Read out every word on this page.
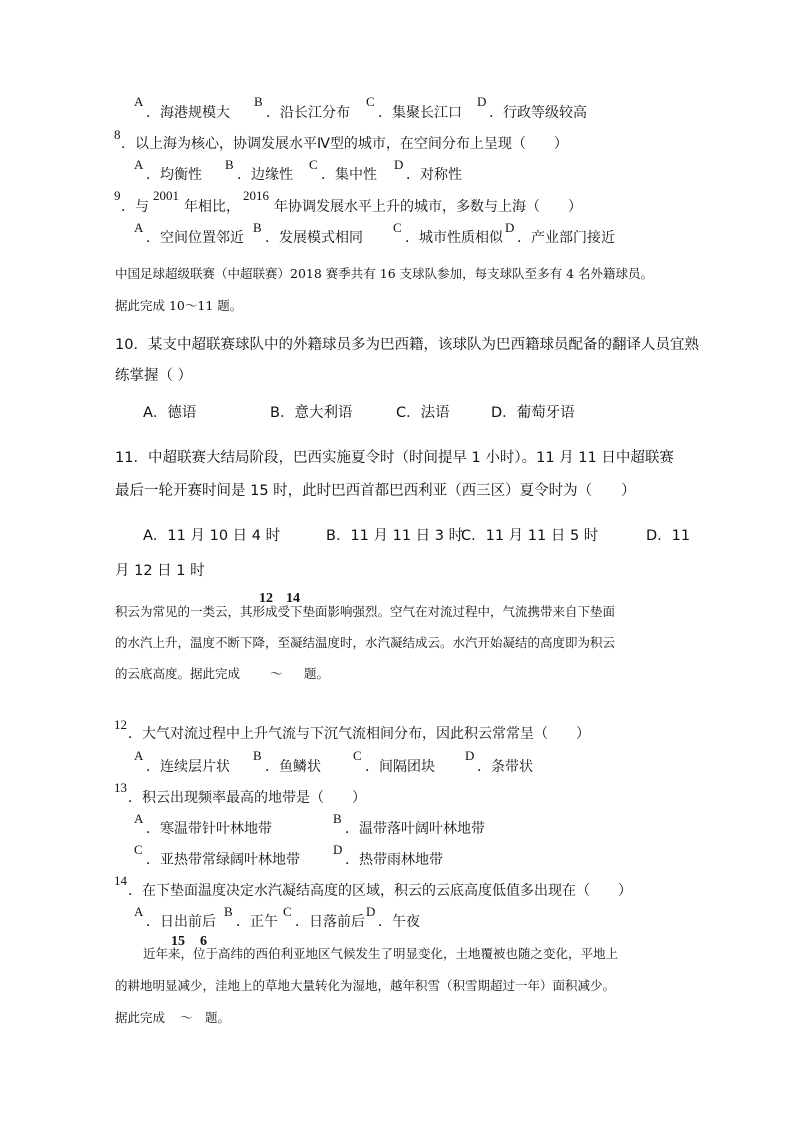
A
．海港规模大
B
．沿长江分布
C
．集聚长江口
D
．行政等级较高
8
．以上海为核心，协调发展水平Ⅳ型的城市，在空间分布上呈现（　　）
A
．均衡性
B
．边缘性
C
．集中性
D
．对称性
9
．与
2001
年相比，
2016
年协调发展水平上升的城市，多数与上海（　　）
A
．空间位置邻近
B
．发展模式相同
C
．城市性质相似
D
．产业部门接近
中国足球超级联赛（中超联赛）2018 赛季共有 16 支球队参加，每支球队至多有 4 名外籍球员。
据此完成 10～11 题。
10．某支中超联赛球队中的外籍球员多为巴西籍，该球队为巴西籍球员配备的翻译人员宜熟
练掌握（ ）
A．德语	B．意大利语	C．法语	D．葡萄牙语
11．中超联赛大结局阶段，巴西实施夏令时（时间提早 1 小时）。11 月 11 日中超联赛
最后一轮开赛时间是 15 时，此时巴西首都巴西利亚（西三区）夏令时为（　　）
A．11 月 10 日 4 时	B．11 月 11 日 3 时
C．11 月 11 日 5 时	D．11
月 12 日 1 时
12 14
积云为常见的一类云，其形成受下垫面影响强烈。空气在对流过程中，气流携带来自下垫面
的水汽上升，温度不断下降，至凝结温度时，水汽凝结成云。水汽开始凝结的高度即为积云
的云底高度。据此完成 ～ 题。
12
．大气对流过程中上升气流与下沉气流相间分布，因此积云常常呈（　　）
A
．连续层片状
B
．鱼鳞状
C
．间隔团块
D
．条带状
13
．积云出现频率最高的地带是（　　）
A
．寒温带针叶林地带
B
．温带落叶阔叶林地带
C
．亚热带常绿阔叶林地带
D
．热带雨林地带
14
．在下垫面温度决定水汽凝结高度的区域，积云的云底高度低值多出现在（　　）
A
．日出前后
B
．正午
C
．日落前后
D
．午夜
15 6
近年来，位于高纬的西伯利亚地区气候发生了明显变化，土地覆被也随之变化，平地上
的耕地明显减少，洼地上的草地大量转化为湿地，越年积雪（积雪期超过一年）面积减少。
据此完成 ～ 题。
